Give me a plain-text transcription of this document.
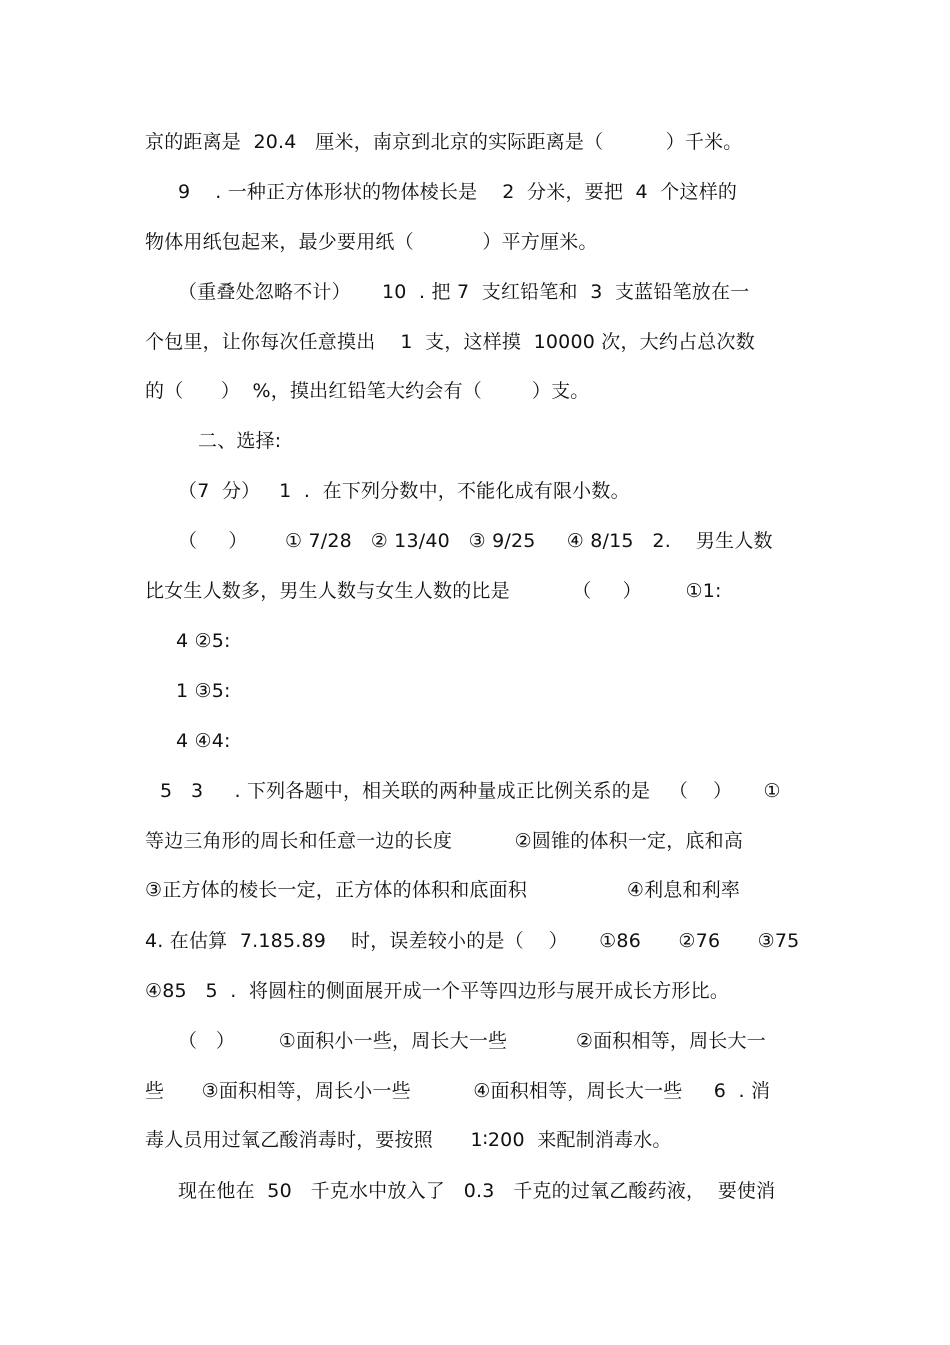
京的距离是  20.4   厘米，南京到北京的实际距离是（          ）千米。
9    . 一种正方体形状的物体棱长是    2  分米，要把  4  个这样的
物体用纸包起来，最少要用纸（           ）平方厘米。
（重叠处忽略不计）     10  . 把 7  支红铅笔和  3  支蓝铅笔放在一
个包里，让你每次任意摸出    1  支，这样摸  10000 次，大约占总次数
的（      ）  %，摸出红铅笔大约会有（        ）支。
二、选择:
（7  分）   1  .  在下列分数中，不能化成有限小数。
（     ）      ① 7/28   ② 13/40   ③ 9/25     ④ 8/15   2.    男生人数
比女生人数多，男生人数与女生人数的比是          （     ）       ①1:
4 ②5:
1 ③5:
4 ④4:
5   3     . 下列各题中，相关联的两种量成正比例关系的是   （    ）     ①
等边三角形的周长和任意一边的长度          ②圆锥的体积一定，底和高
③正方体的棱长一定，正方体的体积和底面积                ④利息和利率
4. 在估算  7.185.89    时，误差较小的是（    ）     ①86      ②76      ③75
④85   5  .  将圆柱的侧面展开成一个平等四边形与展开成长方形比。
（   ）       ①面积小一些，周长大一些           ②面积相等，周长大一
些      ③面积相等，周长小一些          ④面积相等，周长大一些     6  . 消
毒人员用过氧乙酸消毒时，要按照      1∶200  来配制消毒水。
现在他在  50   千克水中放入了   0.3   千克的过氧乙酸药液，  要使消
